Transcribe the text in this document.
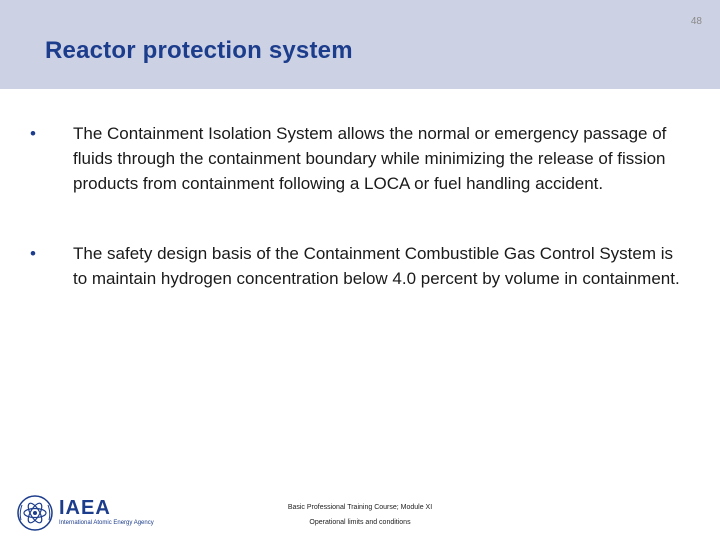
48
Reactor protection system
•	The Containment Isolation System allows the normal or emergency passage of fluids through the containment boundary while minimizing the release of fission products from containment following a LOCA or fuel handling accident.
•	The safety design basis of the Containment Combustible Gas Control System is to maintain hydrogen concentration below 4.0 percent by volume in containment.
IAEA
International Atomic Energy Agency
Basic Professional Training Course; Module XI
Operational limits and conditions
